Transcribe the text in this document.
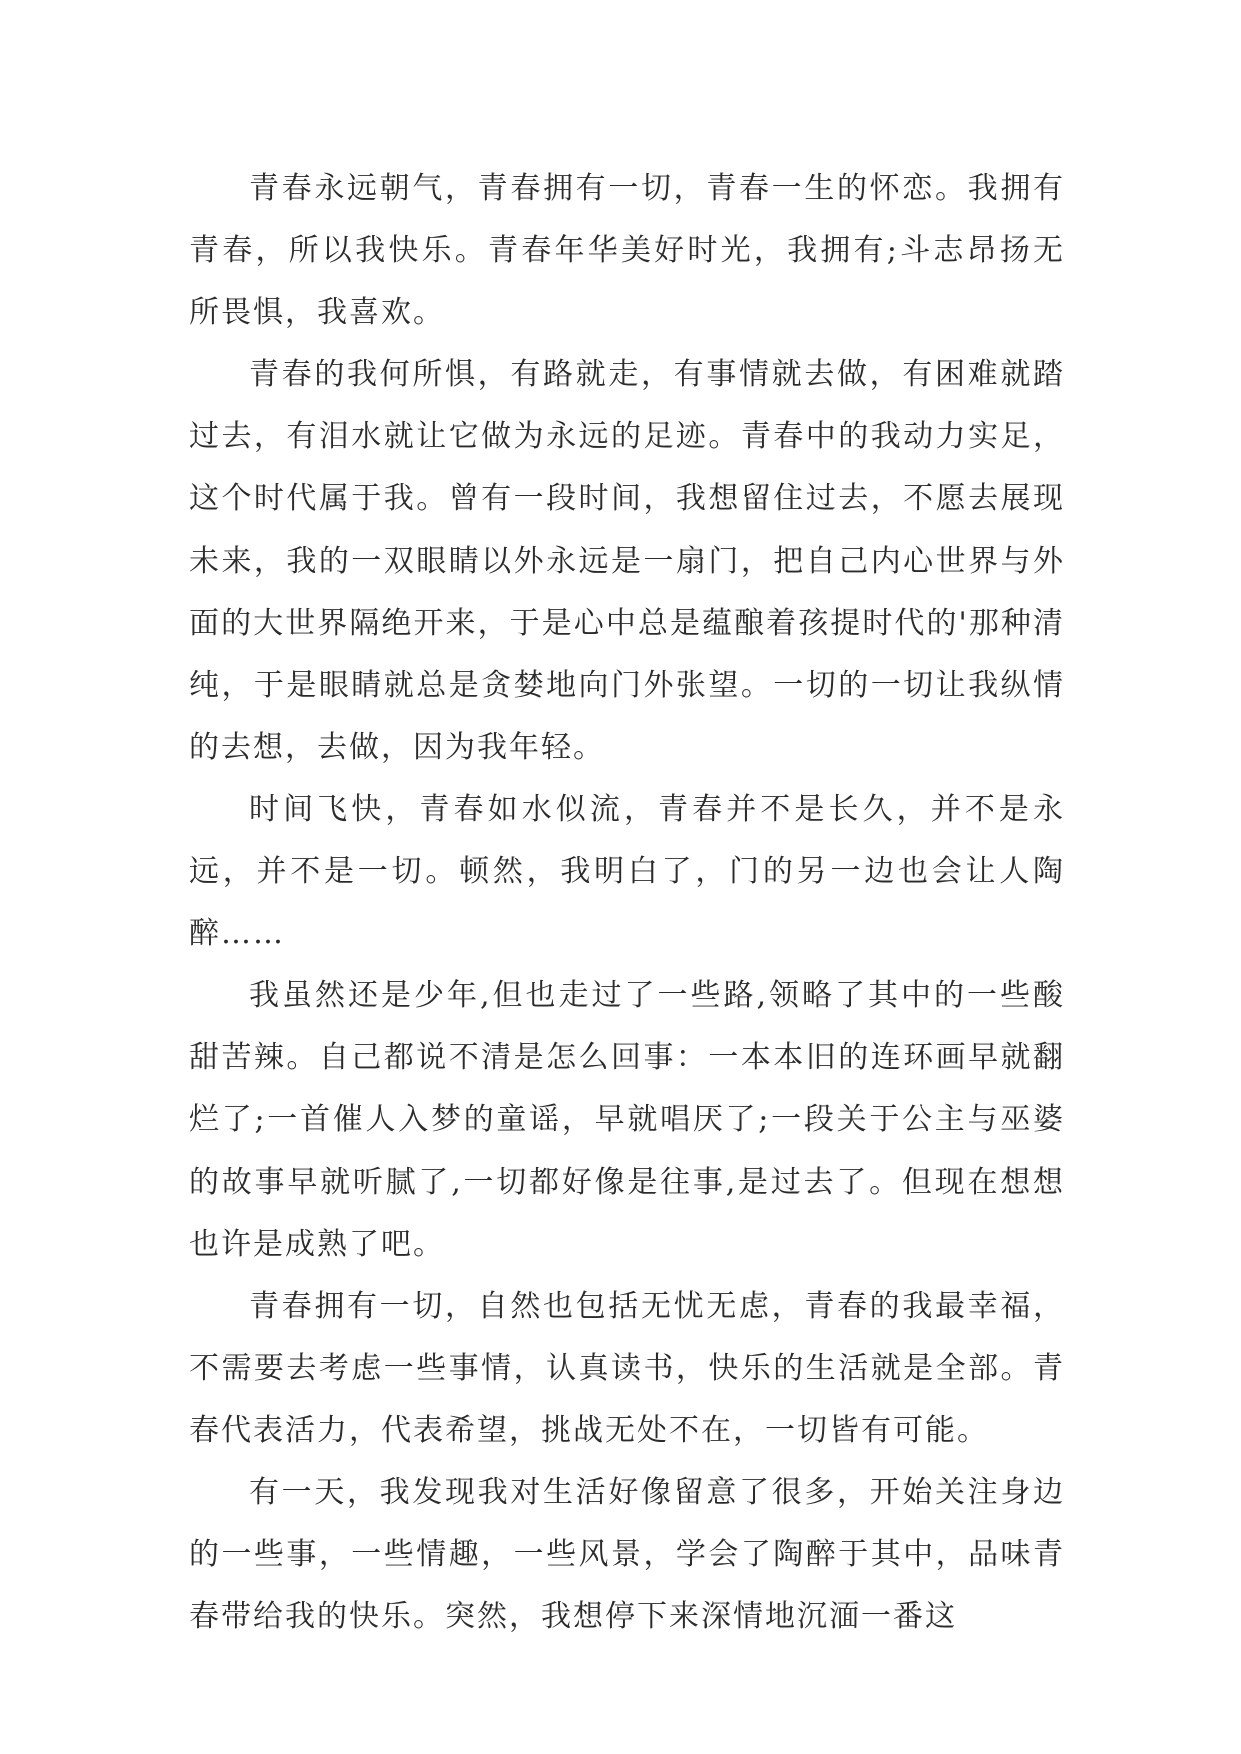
青春永远朝气，青春拥有一切，青春一生的怀恋。我拥有青春，所以我快乐。青春年华美好时光，我拥有;斗志昂扬无所畏惧，我喜欢。

青春的我何所惧，有路就走，有事情就去做，有困难就踏过去，有泪水就让它做为永远的足迹。青春中的我动力实足，这个时代属于我。曾有一段时间，我想留住过去，不愿去展现未来，我的一双眼睛以外永远是一扇门，把自己内心世界与外面的大世界隔绝开来，于是心中总是蕴酿着孩提时代的'那种清纯，于是眼睛就总是贪婪地向门外张望。一切的一切让我纵情的去想，去做，因为我年轻。

时间飞快，青春如水似流，青春并不是长久，并不是永远，并不是一切。顿然，我明白了，门的另一边也会让人陶醉……

我虽然还是少年,但也走过了一些路,领略了其中的一些酸甜苦辣。自己都说不清是怎么回事：一本本旧的连环画早就翻烂了;一首催人入梦的童谣，早就唱厌了;一段关于公主与巫婆的故事早就听腻了,一切都好像是往事,是过去了。但现在想想也许是成熟了吧。

青春拥有一切，自然也包括无忧无虑，青春的我最幸福，不需要去考虑一些事情，认真读书，快乐的生活就是全部。青春代表活力，代表希望，挑战无处不在，一切皆有可能。

有一天，我发现我对生活好像留意了很多，开始关注身边的一些事，一些情趣，一些风景，学会了陶醉于其中，品味青春带给我的快乐。突然，我想停下来深情地沉湎一番这
